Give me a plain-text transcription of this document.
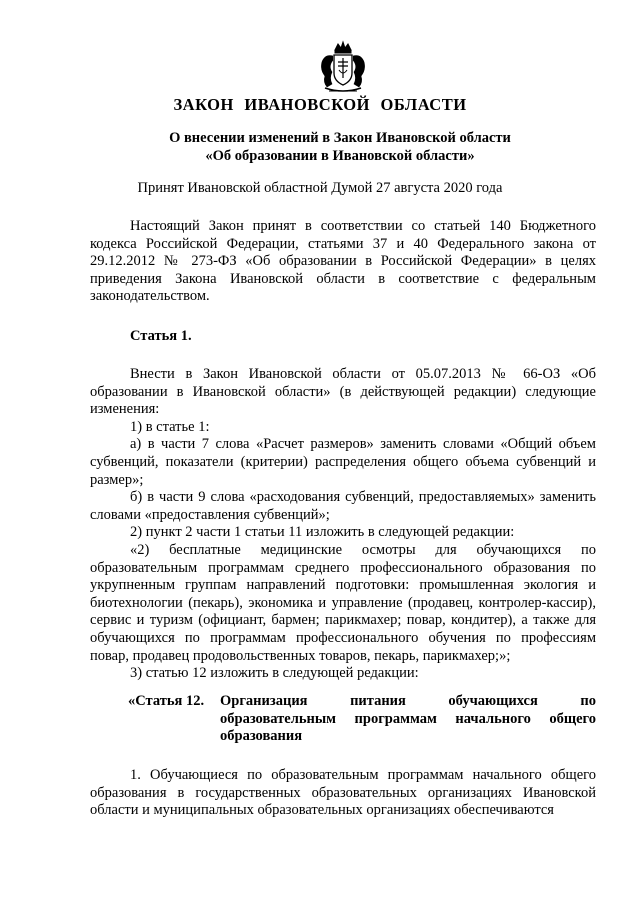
ЗАКОН ИВАНОВСКОЙ ОБЛАСТИ
О внесении изменений в Закон Ивановской области
«Об образовании в Ивановской области»
Принят Ивановской областной Думой 27 августа 2020 года

Настоящий Закон принят в соответствии со статьей 140 Бюджетного кодекса Российской Федерации, статьями 37 и 40 Федерального закона от 29.12.2012 № 273-ФЗ «Об образовании в Российской Федерации» в целях приведения Закона Ивановской области в соответствие с федеральным законодательством.

Статья 1.

Внести в Закон Ивановской области от 05.07.2013 № 66-ОЗ «Об образовании в Ивановской области» (в действующей редакции) следующие изменения:

1) в статье 1:

а) в части 7 слова «Расчет размеров» заменить словами «Общий объем субвенций, показатели (критерии) распределения общего объема субвенций и размер»;

б) в части 9 слова «расходования субвенций, предоставляемых» заменить словами «предоставления субвенций»;

2) пункт 2 части 1 статьи 11 изложить в следующей редакции:

«2) бесплатные медицинские осмотры для обучающихся по образовательным программам среднего профессионального образования по укрупненным группам направлений подготовки: промышленная экология и биотехнологии (пекарь), экономика и управление (продавец, контролер-кассир), сервис и туризм (официант, бармен; парикмахер; повар, кондитер), а также для обучающихся по программам профессионального обучения по профессиям повар, продавец продовольственных товаров, пекарь, парикмахер;»;

3) статью 12 изложить в следующей редакции:

«Статья 12.	Организация питания обучающихся по образовательным программам начального общего образования

1. Обучающиеся по образовательным программам начального общего образования в государственных образовательных организациях Ивановской области и муниципальных образовательных организациях обеспечиваются
